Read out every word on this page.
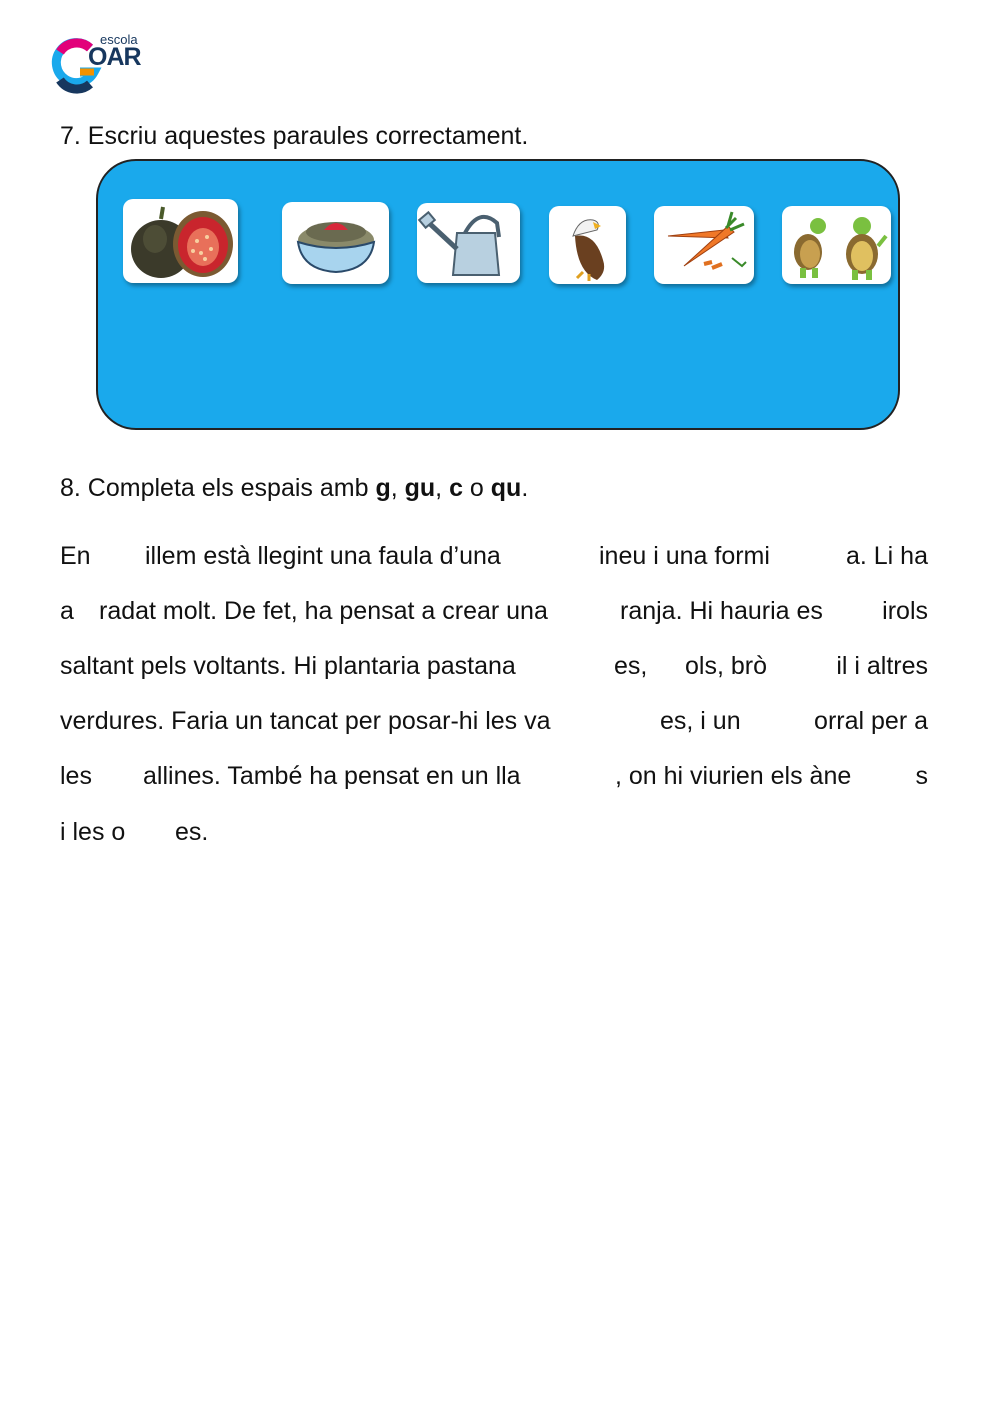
escola
OAR
7. Escriu aquestes paraules correctament.
8. Completa els espais amb g, gu, c o qu.
En illem està llegint una faula d’una	ineu i una formi	a. Li ha
a radat molt. De fet, ha pensat a crear una	ranja. Hi hauria es irols
saltant pels voltants. Hi plantaria pastana	es, ols, brò	il i altres
verdures. Faria un tancat per posar-hi les va	es, i un	orral per a
les allines. També ha pensat en un lla	, on hi viurien els àne	s
i les o es.
